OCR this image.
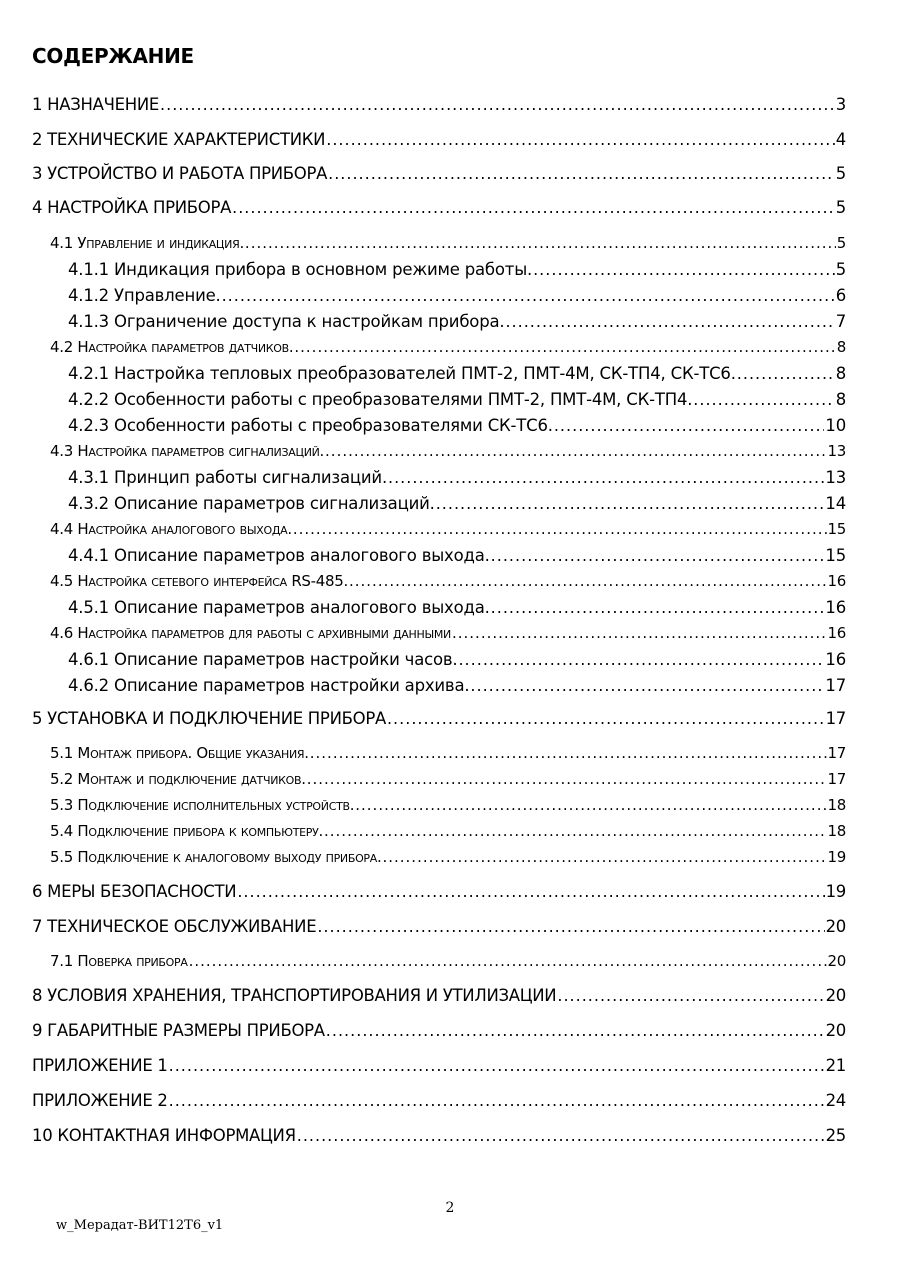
СОДЕРЖАНИЕ
1 НАЗНАЧЕНИЕ .....	3
2 ТЕХНИЧЕСКИЕ ХАРАКТЕРИСТИКИ .....	4
3 УСТРОЙСТВО И РАБОТА ПРИБОРА .....	5
4 НАСТРОЙКА ПРИБОРА .....	5
4.1 Управление и индикация. .....	5
4.1.1 Индикация прибора в основном режиме работы. .....	5
4.1.2 Управление. .....	6
4.1.3 Ограничение доступа к настройкам прибора. .....	7
4.2 Настройка параметров датчиков. .....	8
4.2.1 Настройка тепловых преобразователей ПМТ-2, ПМТ-4М, СК-ТП4, СК-ТС6. .....	8
4.2.2 Особенности работы с преобразователями ПМТ-2, ПМТ-4М, СК-ТП4. .....	8
4.2.3 Особенности работы с преобразователями СК-ТС6. .....	10
4.3 Настройка параметров сигнализаций. .....	13
4.3.1 Принцип работы сигнализаций. .....	13
4.3.2 Описание параметров сигнализаций. .....	14
4.4 Настройка аналогового выхода. .....	15
4.4.1 Описание параметров аналогового выхода. .....	15
4.5 Настройка сетевого интерфейса RS-485. .....	16
4.5.1 Описание параметров аналогового выхода. .....	16
4.6 Настройка параметров для работы с архивными данными .....	16
4.6.1 Описание параметров настройки часов. .....	16
4.6.2 Описание параметров настройки архива. .....	17
5 УСТАНОВКА И ПОДКЛЮЧЕНИЕ ПРИБОРА .....	17
5.1 Монтаж прибора. Общие указания. .....	17
5.2 Монтаж и подключение датчиков. .....	17
5.3 Подключение исполнительных устройств. .....	18
5.4 Подключение прибора к компьютеру. .....	18
5.5 Подключение к аналоговому выходу прибора. .....	19
6 МЕРЫ БЕЗОПАСНОСТИ .....	19
7 ТЕХНИЧЕСКОЕ ОБСЛУЖИВАНИЕ .....	20
7.1 Поверка прибора .....	20
8 УСЛОВИЯ ХРАНЕНИЯ, ТРАНСПОРТИРОВАНИЯ И УТИЛИЗАЦИИ .....	20
9 ГАБАРИТНЫЕ РАЗМЕРЫ ПРИБОРА .....	20
ПРИЛОЖЕНИЕ 1 .....	21
ПРИЛОЖЕНИЕ 2 .....	24
10 КОНТАКТНАЯ ИНФОРМАЦИЯ .....	25
2
w_Мерадат-ВИТ12Т6_v1
